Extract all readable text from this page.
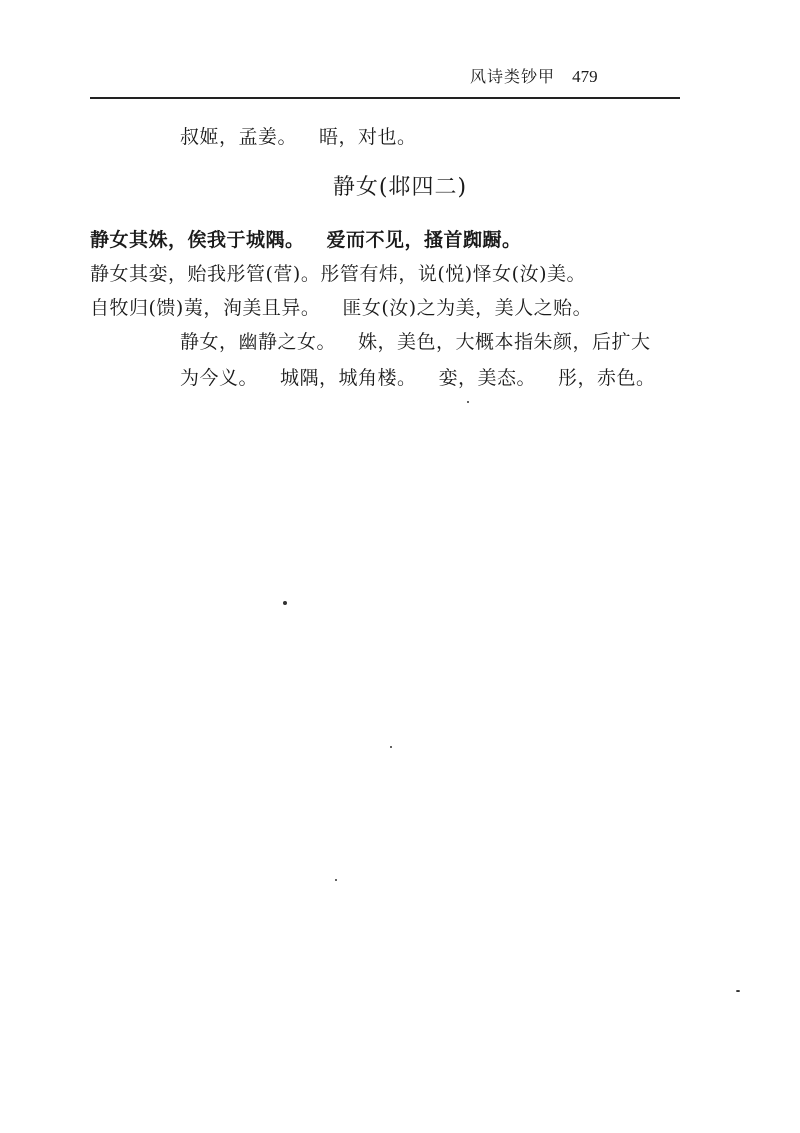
风诗类钞甲 479
叔姬，孟姜。 晤，对也。
静女(邶四二)
静女其姝，俟我于城隅。 爱而不见，搔首踟蹰。
静女其娈，贻我彤管(菅)。彤管有炜，说(悦)怿女(汝)美。
自牧归(馈)荑，洵美且异。 匪女(汝)之为美，美人之贻。
静女，幽静之女。 姝，美色，大概本指朱颜，后扩大
为今义。 城隅，城角楼。 娈，美态。 彤，赤色。
